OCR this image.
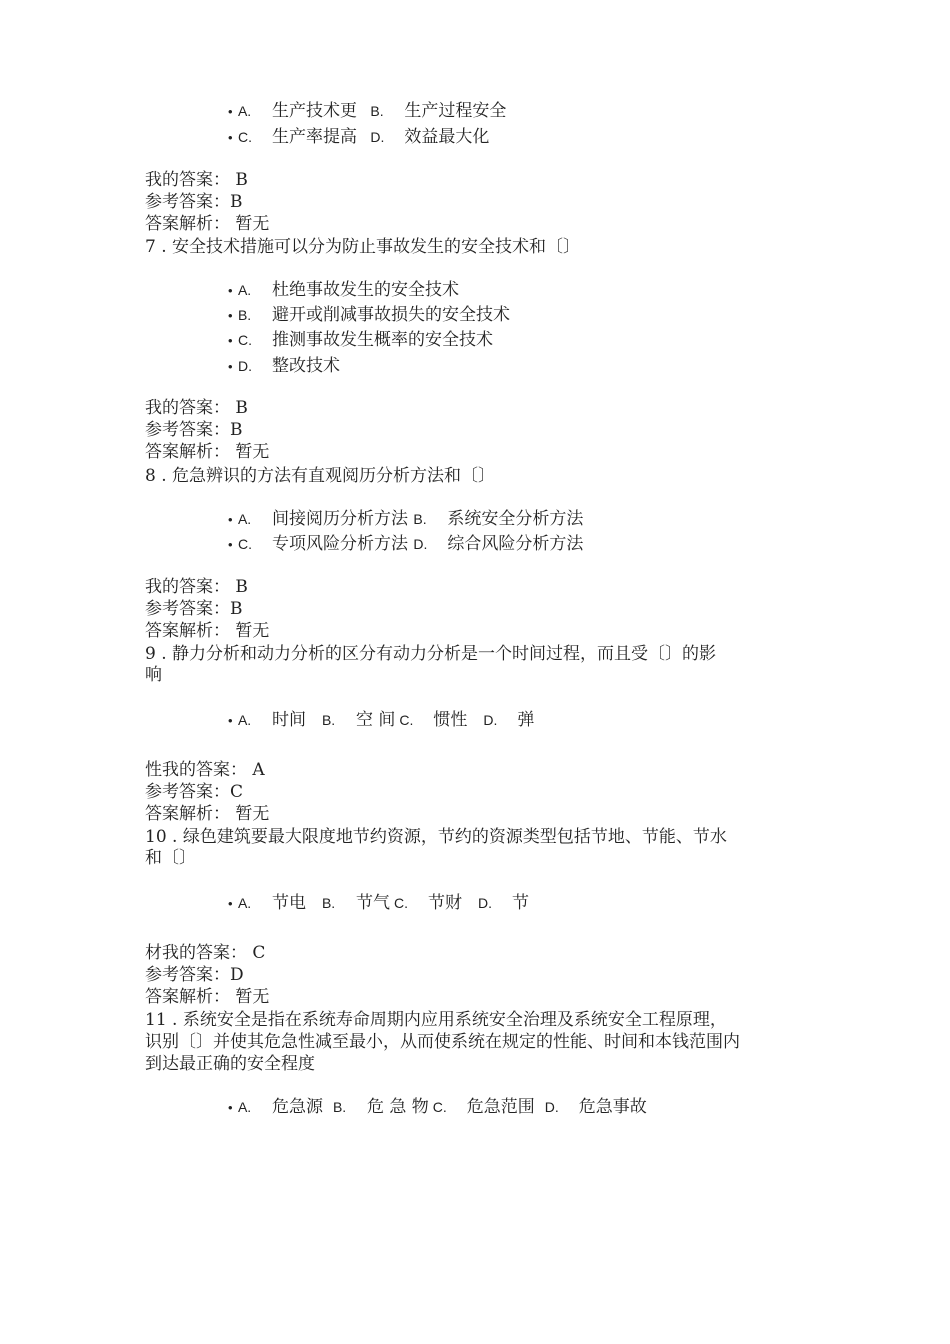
• A. 生产技术更 B. 生产过程安全
• C. 生产率提高 D. 效益最大化
我的答案： B
参考答案：B
答案解析： 暂无
7 . 安全技术措施可以分为防止事故发生的安全技术和〔〕
• A. 杜绝事故发生的安全技术
• B. 避开或削减事故损失的安全技术
• C. 推测事故发生概率的安全技术
• D. 整改技术
我的答案： B
参考答案：B
答案解析： 暂无
8 . 危急辨识的方法有直观阅历分析方法和〔〕
• A. 间接阅历分析方法 B. 系统安全分析方法
• C. 专项风险分析方法 D. 综合风险分析方法
我的答案： B
参考答案：B
答案解析： 暂无
9 . 静力分析和动力分析的区分有动力分析是一个时间过程，而且受〔〕的影
响
• A. 时间 B. 空 间 C. 惯性 D. 弹
性我的答案： A
参考答案：C
答案解析： 暂无
10 . 绿色建筑要最大限度地节约资源，节约的资源类型包括节地、节能、节水
和〔〕
• A. 节电 B. 节气 C. 节财 D. 节
材我的答案： C
参考答案：D
答案解析： 暂无
11 . 系统安全是指在系统寿命周期内应用系统安全治理及系统安全工程原理，
识别〔〕并使其危急性减至最小，从而使系统在规定的性能、时间和本钱范围内
到达最正确的安全程度
• A. 危急源 B. 危 急 物 C. 危急范围 D. 危急事故
